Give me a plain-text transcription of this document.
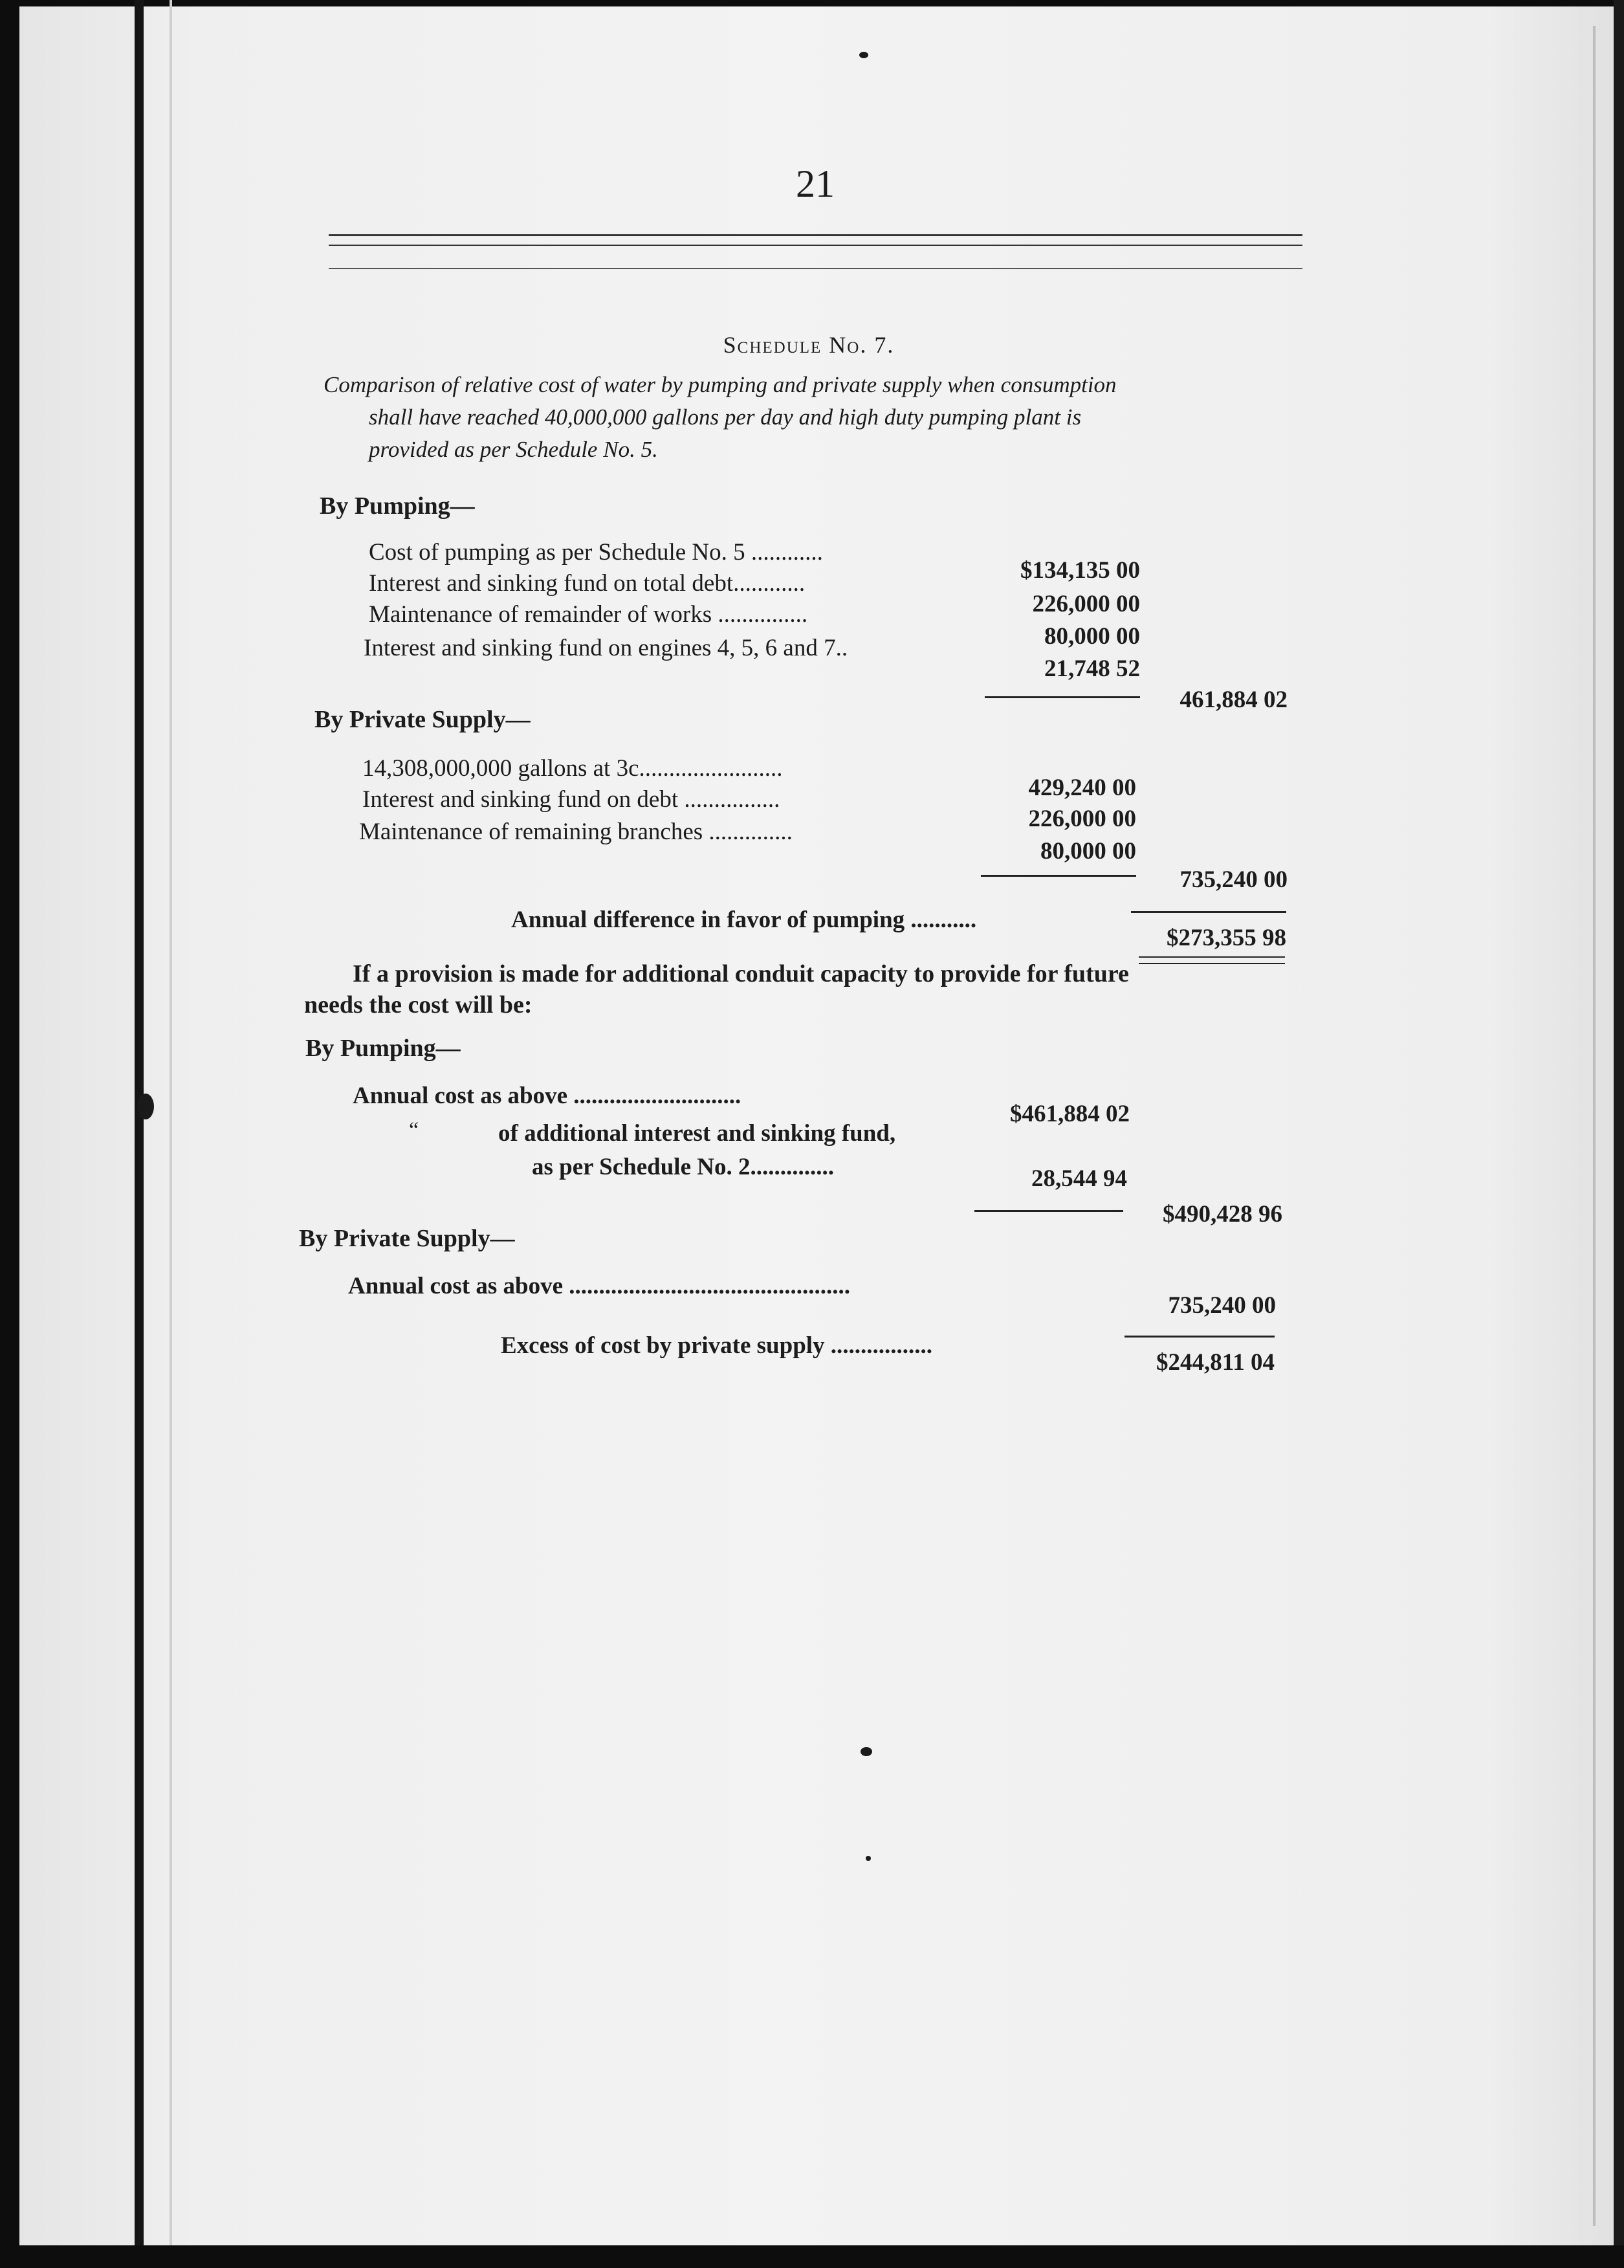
21
Schedule No. 7.
Comparison of relative cost of water by pumping and private supply when consumption
shall have reached 40,000,000 gallons per day and high duty pumping plant is
provided as per Schedule No. 5.
By Pumping—
Cost of pumping as per Schedule No. 5 ............
$134,135 00
Interest and sinking fund on total debt............
226,000 00
Maintenance of remainder of works ...............
80,000 00
Interest and sinking fund on engines 4, 5, 6 and 7..
21,748 52
461,884 02
By Private Supply—
14,308,000,000 gallons at 3c........................
429,240 00
Interest and sinking fund on debt ................
226,000 00
Maintenance of remaining branches ..............
80,000 00
735,240 00
Annual difference in favor of pumping ...........
$273,355 98
If a provision is made for additional conduit capacity to provide for future
needs the cost will be:
By Pumping—
Annual cost as above ............................
$461,884 02
“	of additional interest and sinking fund,
as per Schedule No. 2..............	28,544 94
$490,428 96
By Private Supply—
Annual cost as above ...............................................
735,240 00
Excess of cost by private supply .................
$244,811 04
